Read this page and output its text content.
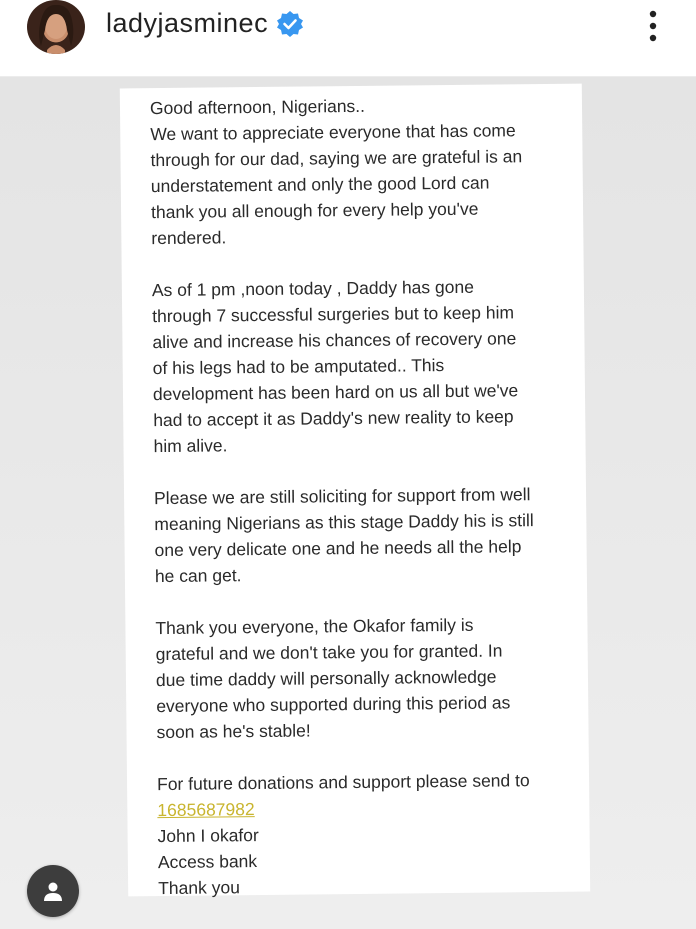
ladyjasminec
Good afternoon, Nigerians..
We want to appreciate everyone that has come
through for our dad, saying we are grateful is an
understatement and only the good Lord can
thank you all enough for every help you've
rendered.
As of 1 pm ,noon today , Daddy has gone
through 7 successful surgeries but to keep him
alive and increase his chances of recovery one
of his legs had to be amputated.. This
development has been hard on us all but we've
had to accept it as Daddy's new reality to keep
him alive.
Please we are still soliciting for support from well
meaning Nigerians as this stage Daddy his is still
one very delicate one and he needs all the help
he can get.
Thank you everyone, the Okafor family is
grateful and we don't take you for granted. In
due time daddy will personally acknowledge
everyone who supported during this period as
soon as he's stable!
For future donations and support please send to
1685687982
John I okafor
Access bank
Thank you
